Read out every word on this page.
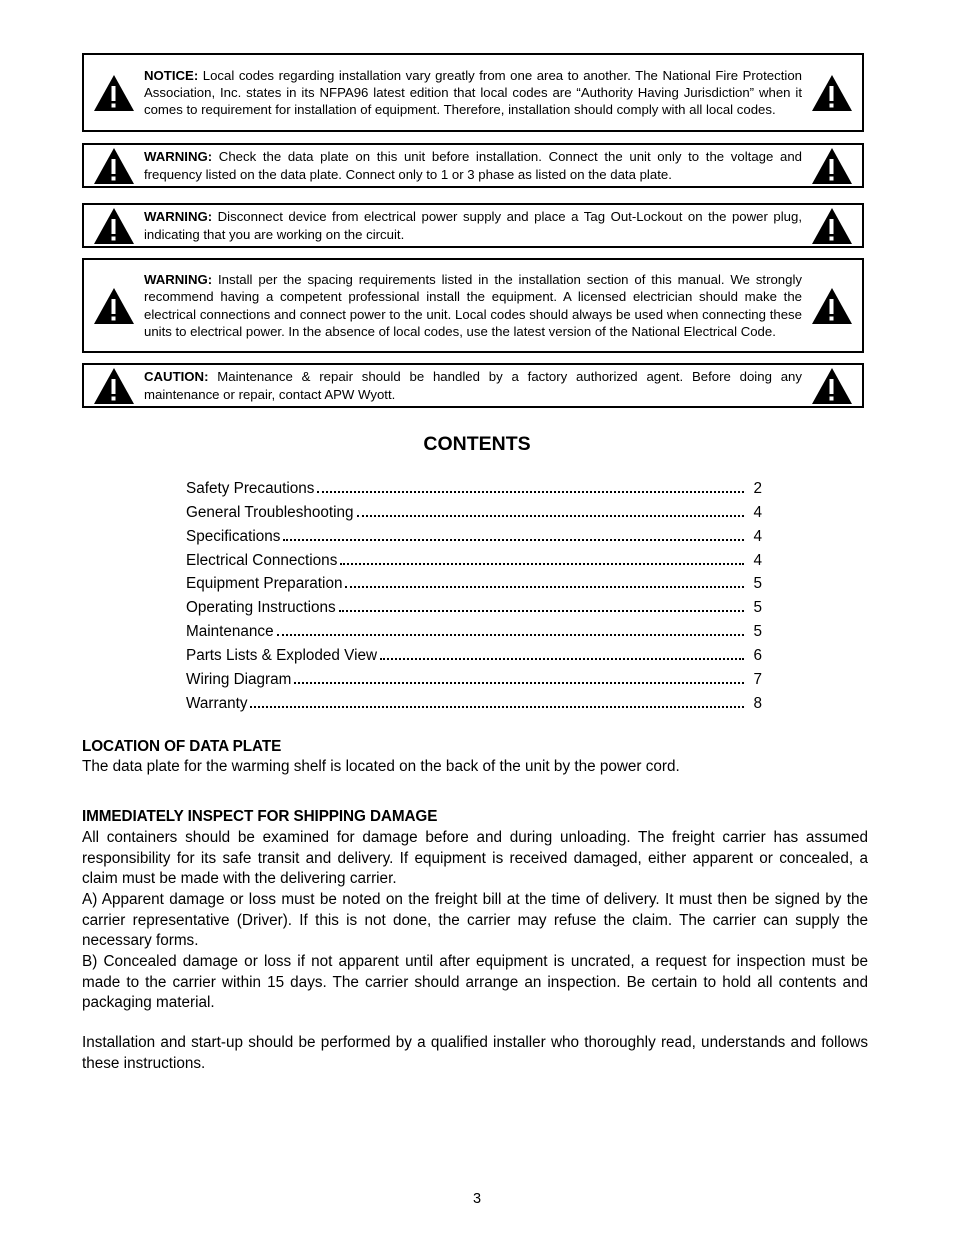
NOTICE: Local codes regarding installation vary greatly from one area to another. The National Fire Protection Association, Inc. states in its NFPA96 latest edition that local codes are “Authority Having Jurisdiction” when it comes to requirement for installation of equipment. Therefore, installation should comply with all local codes.
WARNING: Check the data plate on this unit before installation. Connect the unit only to the voltage and frequency listed on the data plate. Connect only to 1 or 3 phase as listed on the data plate.
WARNING: Disconnect device from electrical power supply and place a Tag Out-Lockout on the power plug, indicating that you are working on the circuit.
WARNING: Install per the spacing requirements listed in the installation section of this manual. We strongly recommend having a competent professional install the equipment. A licensed electrician should make the electrical connections and connect power to the unit. Local codes should always be used when connecting these units to electrical power. In the absence of local codes, use the latest version of the National Electrical Code.
CAUTION: Maintenance & repair should be handled by a factory authorized agent. Before doing any maintenance or repair, contact APW Wyott.
CONTENTS
Safety Precautions	2
General Troubleshooting	4
Specifications	4
Electrical Connections	4
Equipment Preparation	5
Operating Instructions	5
Maintenance	5
Parts Lists & Exploded View	6
Wiring Diagram	7
Warranty	8
LOCATION OF DATA PLATE

The data plate for the warming shelf is located on the back of the unit by the power cord.

IMMEDIATELY INSPECT FOR SHIPPING DAMAGE

All containers should be examined for damage before and during unloading. The freight carrier has assumed responsibility for its safe transit and delivery. If equipment is received damaged, either apparent or concealed, a claim must be made with the delivering carrier.

A) Apparent damage or loss must be noted on the freight bill at the time of delivery. It must then be signed by the carrier representative (Driver). If this is not done, the carrier may refuse the claim. The carrier can supply the necessary forms.

B) Concealed damage or loss if not apparent until after equipment is uncrated, a request for inspection must be made to the carrier within 15 days. The carrier should arrange an inspection. Be certain to hold all contents and packaging material.

Installation and start-up should be performed by a qualified installer who thoroughly read, understands and follows these instructions.

3
